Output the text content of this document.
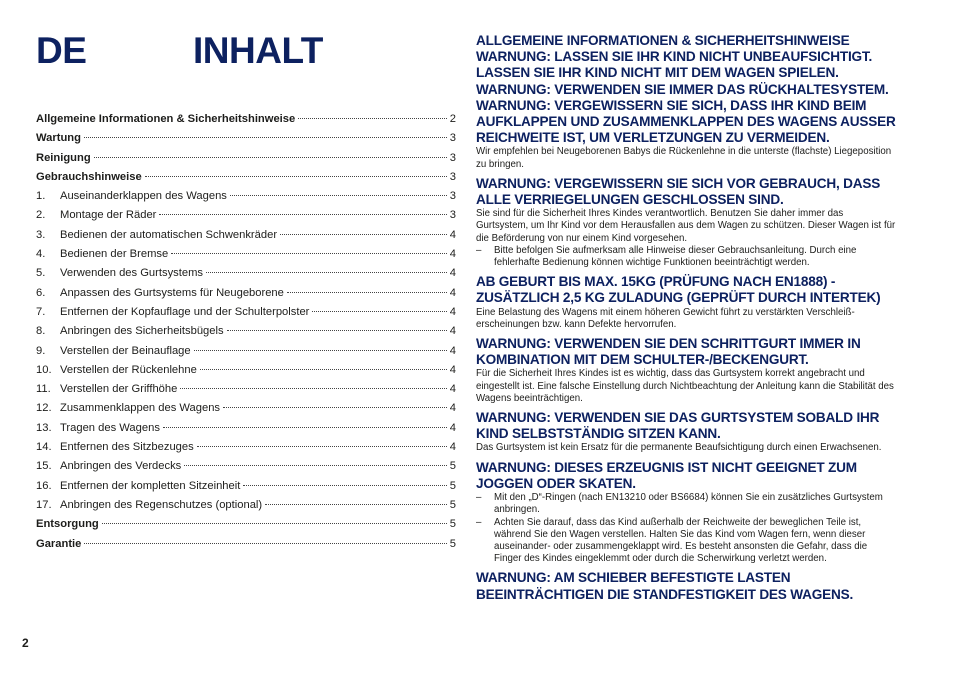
DE	INHALT
Allgemeine Informationen & Sicherheitshinweise	2
Wartung	3
Reinigung	3
Gebrauchshinweise	3
1.	Auseinanderklappen des Wagens	3
2.	Montage der Räder	3
3.	Bedienen der automatischen Schwenkräder	4
4.	Bedienen der Bremse	4
5.	Verwenden des Gurtsystems	4
6.	Anpassen des Gurtsystems für Neugeborene	4
7.	Entfernen der Kopfauflage und der Schulterpolster	4
8.	Anbringen des Sicherheitsbügels	4
9.	Verstellen der Beinauflage	4
10. Verstellen der Rückenlehne	4
11. Verstellen der Griffhöhe	4
12. Zusammenklappen des Wagens	4
13. Tragen des Wagens	4
14. Entfernen des Sitzbezuges	4
15. Anbringen des Verdecks	5
16. Entfernen der kompletten Sitzeinheit	5
17. Anbringen des Regenschutzes (optional)	5
Entsorgung	5
Garantie	5
2
ALLGEMEINE INFORMATIONEN & SICHERHEITSHINWEISE
WARNUNG: LASSEN SIE IHR KIND NICHT UNBEAUFSICHTIGT.
LASSEN SIE IHR KIND NICHT MIT DEM WAGEN SPIELEN.
WARNUNG: VERWENDEN SIE IMMER DAS RÜCKHALTESYSTEM.
WARNUNG: VERGEWISSERN SIE SICH, DASS IHR KIND BEIM AUFKLAPPEN UND ZUSAMMENKLAPPEN DES WAGENS AUSSER REICHWEITE IST, UM VERLETZUNGEN ZU VERMEIDEN.
Wir empfehlen bei Neugeborenen Babys die Rückenlehne in die unterste (flachste) Liegeposition zu bringen.
WARNUNG: VERGEWISSERN SIE SICH VOR GEBRAUCH, DASS ALLE VERRIEGELUNGEN GESCHLOSSEN SIND.
Sie sind für die Sicherheit Ihres Kindes verantwortlich. Benutzen Sie daher immer das Gurtsystem, um Ihr Kind vor dem Herausfallen aus dem Wagen zu schützen. Dieser Wagen ist für die Beförderung von nur einem Kind vorgesehen.
–	Bitte befolgen Sie aufmerksam alle Hinweise dieser Gebrauchsanleitung. Durch eine fehlerhafte Bedienung können wichtige Funktionen beeinträchtigt werden.
AB GEBURT BIS MAX. 15KG (PRÜFUNG NACH EN1888) - ZUSÄTZLICH 2,5 KG ZULADUNG (GEPRÜFT DURCH INTERTEK)
Eine Belastung des Wagens mit einem höheren Gewicht führt zu verstärkten Verschleiß-erscheinungen bzw. kann Defekte hervorrufen.
WARNUNG: VERWENDEN SIE DEN SCHRITTGURT IMMER IN KOMBINATION MIT DEM SCHULTER-/BECKENGURT.
Für die Sicherheit Ihres Kindes ist es wichtig, dass das Gurtsystem korrekt angebracht und eingestellt ist. Eine falsche Einstellung durch Nichtbeachtung der Anleitung kann die Stabilität des Wagens beeinträchtigen.
WARNUNG: VERWENDEN SIE DAS GURTSYSTEM SOBALD IHR KIND SELBSTSTÄNDIG SITZEN KANN.
Das Gurtsystem ist kein Ersatz für die permanente Beaufsichtigung durch einen Erwachsenen.
WARNUNG: DIESES ERZEUGNIS IST NICHT GEEIGNET ZUM JOGGEN ODER SKATEN.
–	Mit den „D“-Ringen (nach EN13210 oder BS6684) können Sie ein zusätzliches Gurtsystem anbringen.
–	Achten Sie darauf, dass das Kind außerhalb der Reichweite der beweglichen Teile ist, während Sie den Wagen verstellen. Halten Sie das Kind vom Wagen fern, wenn dieser auseinander- oder zusammengeklappt wird. Es besteht ansonsten die Gefahr, dass die Finger des Kindes eingeklemmt oder durch die Scherwirkung verletzt werden.
WARNUNG: AM SCHIEBER BEFESTIGTE LASTEN BEEINTRÄCHTIGEN DIE STANDFESTIGKEIT DES WAGENS.
